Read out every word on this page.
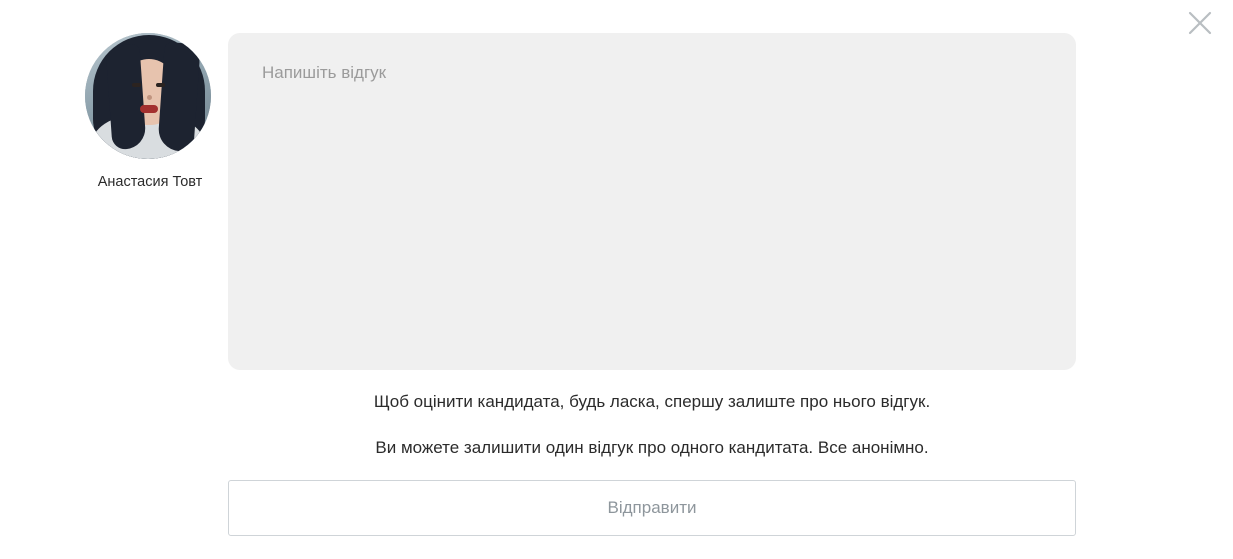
Анастасия Товт
Напишіть відгук
Щоб оцінити кандидата, будь ласка, спершу залиште про нього відгук.
Ви можете залишити один відгук про одного кандитата. Все анонімно.
Відправити
